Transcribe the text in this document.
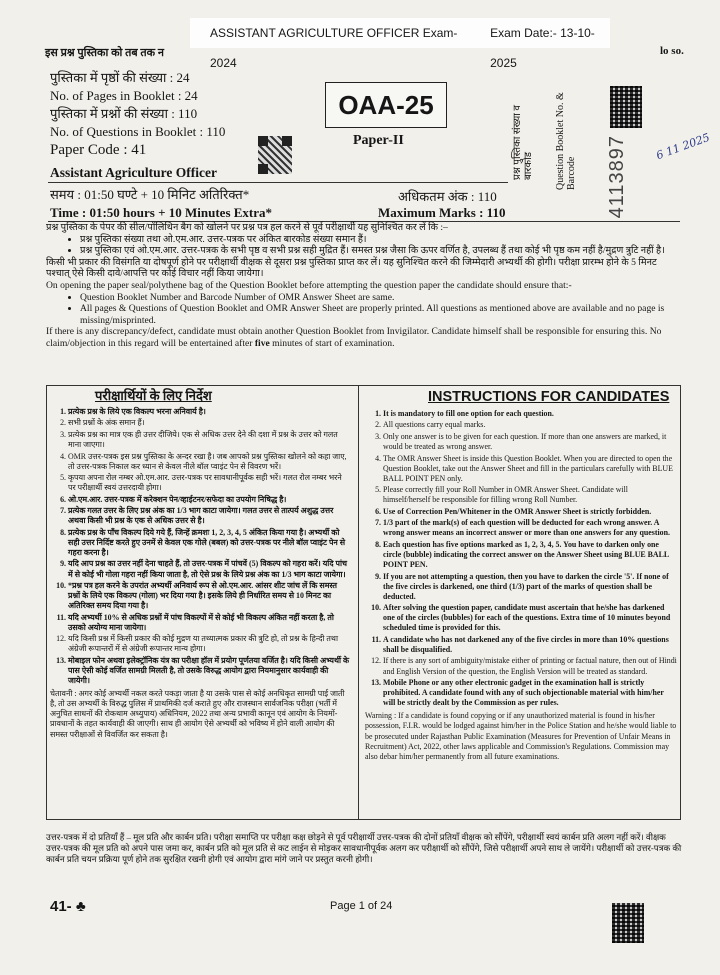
ASSISTANT AGRICULTURE OFFICER Exam-2024
Exam Date:- 13-10-2025
इस प्रश्न पुस्तिका को तब तक न	lo so.
पुस्तिका में पृष्ठों की संख्या : 24
No. of Pages in Booklet : 24
पुस्तिका में प्रश्नों की संख्या : 110
No. of Questions in Booklet : 110
Paper Code : 41
Assistant Agriculture Officer
OAA-25
Paper-II	प्रश्न पुस्तिका संख्या व बारकोड Question Booklet No. & Barcode 4113897 6 11 2025
समय : 01:50 घण्टे + 10 मिनिट अतिरिक्त*	अधिकतम अंक : 110
Time : 01:50 hours + 10 Minutes Extra*	Maximum Marks : 110

प्रश्न पुस्तिका के पेपर की सील/पॉलिथिन बैग को खोलने पर प्रश्न पत्र हल करने से पूर्व परीक्षार्थी यह सुनिश्चित कर लें कि :–

• प्रश्न पुस्तिका संख्या तथा ओ.एम.आर. उत्तर-पत्रक पर अंकित बारकोड संख्या समान हैं।
• प्रश्न पुस्तिका एवं ओ.एम.आर. उत्तर-पत्रक के सभी पृष्ठ व सभी प्रश्न सही मुद्रित हैं। समस्त प्रश्न जैसा कि ऊपर वर्णित है, उपलब्ध हैं तथा कोई भी पृष्ठ कम नहीं है/मुद्रण त्रुटि नहीं है।

किसी भी प्रकार की विसंगति या दोषपूर्ण होने पर परीक्षार्थी वीक्षक से दूसरा प्रश्न पुस्तिका प्राप्त कर लें। यह सुनिश्चित करने की जिम्मेदारी अभ्यर्थी की होगी। परीक्षा प्रारम्भ होने के 5 मिनट पश्चात् ऐसे किसी दावे/आपत्ति पर कोई विचार नहीं किया जायेगा।

On opening the paper seal/polythene bag of the Question Booklet before attempting the question paper the candidate should ensure that:-

• Question Booklet Number and Barcode Number of OMR Answer Sheet are same.
• All pages & Questions of Question Booklet and OMR Answer Sheet are properly printed. All questions as mentioned above are available and no page is missing/misprinted.

If there is any discrepancy/defect, candidate must obtain another Question Booklet from Invigilator. Candidate himself shall be responsible for ensuring this. No claim/objection in this regard will be entertained after five minutes of start of examination.

परीक्षार्थियों के लिए निर्देश	INSTRUCTIONS FOR CANDIDATES
1. प्रत्येक प्रश्न के लिये एक विकल्प भरना अनिवार्य है।
2. सभी प्रश्नों के अंक समान हैं।
3. प्रत्येक प्रश्न का मात्र एक ही उत्तर दीजिये। एक से अधिक उत्तर देने की दशा में प्रश्न के उत्तर को गलत माना जाएगा।
4. OMR उत्तर-पत्रक इस प्रश्न पुस्तिका के अन्दर रखा है। जब आपको प्रश्न पुस्तिका खोलने को कहा जाए, तो उत्तर-पत्रक निकाल कर ध्यान से केवल नीले बॉल प्वाइंट पेन से विवरण भरें।
5. कृपया अपना रोल नम्बर ओ.एम.आर. उत्तर-पत्रक पर सावधानीपूर्वक सही भरें। गलत रोल नम्बर भरने पर परीक्षार्थी स्वयं उत्तरदायी होगा।
6. ओ.एम.आर. उत्तर-पत्रक में करेक्शन पेन/व्हाईटनर/सफेदा का उपयोग निषिद्ध है।
7. प्रत्येक गलत उत्तर के लिए प्रश्न अंक का 1/3 भाग काटा जायेगा। गलत उत्तर से तात्पर्य अशुद्ध उत्तर अथवा किसी भी प्रश्न के एक से अधिक उत्तर से है।
8. प्रत्येक प्रश्न के पाँच विकल्प दिये गये हैं, जिन्हें क्रमशः 1, 2, 3, 4, 5 अंकित किया गया है। अभ्यर्थी को सही उत्तर निर्दिष्ट करते हुए उनमें से केवल एक गोले (बबल) को उत्तर-पत्रक पर नीले बॉल प्वाइंट पेन से गहरा करना है।
9. यदि आप प्रश्न का उत्तर नहीं देना चाहते हैं, तो उत्तर-पत्रक में पांचवें (5) विकल्प को गहरा करें। यदि पांच में से कोई भी गोला गहरा नहीं किया जाता है, तो ऐसे प्रश्न के लिये प्रश्न अंक का 1/3 भाग काटा जायेगा।
10. *प्रश्न पत्र हल करने के उपरांत अभ्यर्थी अनिवार्य रूप से ओ.एम.आर. आंसर शीट जांच लें कि समस्त प्रश्नों के लिये एक विकल्प (गोला) भर दिया गया है। इसके लिये ही निर्धारित समय से 10 मिनट का अतिरिक्त समय दिया गया है।
11. यदि अभ्यर्थी 10% से अधिक प्रश्नों में पांच विकल्पों में से कोई भी विकल्प अंकित नहीं करता है, तो उसको अयोग्य माना जायेगा।
12. यदि किसी प्रश्न में किसी प्रकार की कोई मुद्रण या तथ्यात्मक प्रकार की त्रुटि हो, तो प्रश्न के हिन्दी तथा अंग्रेजी रूपान्तरों में से अंग्रेजी रूपान्तर मान्य होगा।
13. मोबाइल फोन अथवा इलेक्ट्रॉनिक यंत्र का परीक्षा हॉल में प्रयोग पूर्णतया वर्जित है। यदि किसी अभ्यर्थी के पास ऐसी कोई वर्जित सामग्री मिलती है, तो उसके विरुद्ध आयोग द्वारा नियमानुसार कार्यवाही की जायेगी।

चेतावनी : अगर कोई अभ्यर्थी नकल करते पकड़ा जाता है या उसके पास से कोई अनधिकृत सामग्री पाई जाती है, तो उस अभ्यर्थी के विरुद्ध पुलिस में प्राथमिकी दर्ज कराते हुए और राजस्थान सार्वजनिक परीक्षा (भर्ती में अनुचित साधनों की रोकथाम अध्युपाय) अधिनियम, 2022 तथा अन्य प्रभावी कानून एवं आयोग के नियमों-प्रावधानों के तहत कार्यवाही की जाएगी। साथ ही आयोग ऐसे अभ्यर्थी को भविष्य में होने वाली आयोग की समस्त परीक्षाओं से विवर्जित कर सकता है।

1. It is mandatory to fill one option for each question.
2. All questions carry equal marks.
3. Only one answer is to be given for each question. If more than one answers are marked, it would be treated as wrong answer.
4. The OMR Answer Sheet is inside this Question Booklet. When you are directed to open the Question Booklet, take out the Answer Sheet and fill in the particulars carefully with BLUE BALL POINT PEN only.
5. Please correctly fill your Roll Number in OMR Answer Sheet. Candidate will himself/herself be responsible for filling wrong Roll Number.
6. Use of Correction Pen/Whitener in the OMR Answer Sheet is strictly forbidden.
7. 1/3 part of the mark(s) of each question will be deducted for each wrong answer. A wrong answer means an incorrect answer or more than one answers for any question.
8. Each question has five options marked as 1, 2, 3, 4, 5. You have to darken only one circle (bubble) indicating the correct answer on the Answer Sheet using BLUE BALL POINT PEN.
9. If you are not attempting a question, then you have to darken the circle '5'. If none of the five circles is darkened, one third (1/3) part of the marks of question shall be deducted.
10. After solving the question paper, candidate must ascertain that he/she has darkened one of the circles (bubbles) for each of the questions. Extra time of 10 minutes beyond scheduled time is provided for this.
11. A candidate who has not darkened any of the five circles in more than 10% questions shall be disqualified.
12. If there is any sort of ambiguity/mistake either of printing or factual nature, then out of Hindi and English Version of the question, the English Version will be treated as standard.
13. Mobile Phone or any other electronic gadget in the examination hall is strictly prohibited. A candidate found with any of such objectionable material with him/her will be strictly dealt by the Commission as per rules.

Warning : If a candidate is found copying or if any unauthorized material is found in his/her possession, F.I.R. would be lodged against him/her in the Police Station and he/she would liable to be prosecuted under Rajasthan Public Examination (Measures for Prevention of Unfair Means in Recruitment) Act, 2022, other laws applicable and Commission's Regulations. Commission may also debar him/her permanently from all future examinations.

उत्तर-पत्रक में दो प्रतियाँ हैं – मूल प्रति और कार्बन प्रति। परीक्षा समाप्ति पर परीक्षा कक्ष छोड़ने से पूर्व परीक्षार्थी उत्तर-पत्रक की दोनों प्रतियाँ वीक्षक को सौंपेंगे, परीक्षार्थी स्वयं कार्बन प्रति अलग नहीं करें। वीक्षक उत्तर-पत्रक की मूल प्रति को अपने पास जमा कर, कार्बन प्रति को मूल प्रति से कट लाईन से मोड़कर सावधानीपूर्वक अलग कर परीक्षार्थी को सौंपेंगे, जिसे परीक्षार्थी अपने साथ ले जायेंगे। परीक्षार्थी को उत्तर-पत्रक की कार्बन प्रति चयन प्रक्रिया पूर्ण होने तक सुरक्षित रखनी होगी एवं आयोग द्वारा मांगे जाने पर प्रस्तुत करनी होगी।
41- ♣	Page 1 of 24
